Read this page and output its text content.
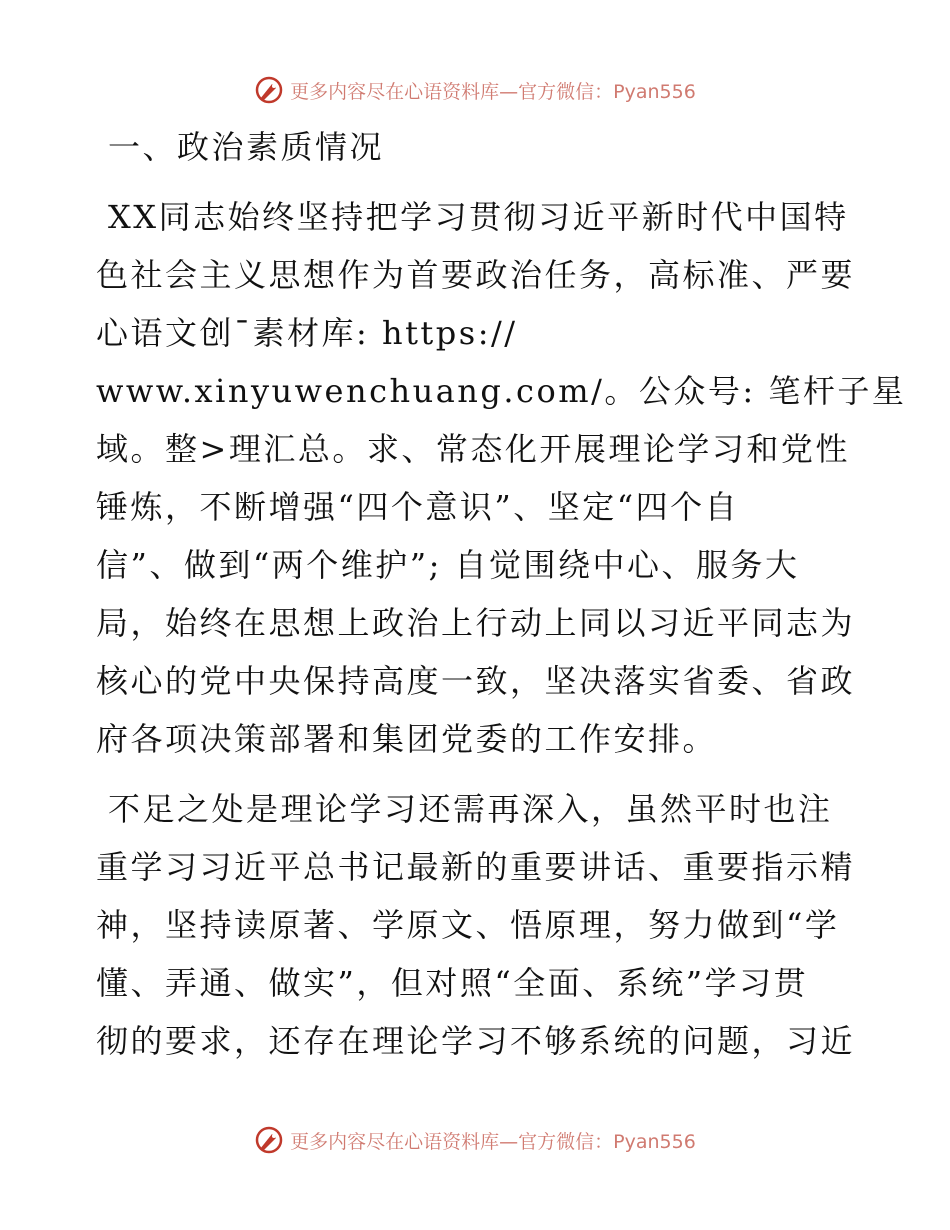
更多内容尽在心语资料库—官方微信：Pyan556
一、政治素质情况
XX同志始终坚持把学习贯彻习近平新时代中国特
色社会主义思想作为首要政治任务，高标准、严要
心语文创¯素材库: https://
www.xinyuwenchuang.com/。公众号: 笔杆子星
域。整>理汇总。求、常态化开展理论学习和党性
锤炼，不断增强“四个意识”、坚定“四个自
信”、做到“两个维护”; 自觉围绕中心、服务大
局，始终在思想上政治上行动上同以习近平同志为
核心的党中央保持高度一致，坚决落实省委、省政
府各项决策部署和集团党委的工作安排。
不足之处是理论学习还需再深入，虽然平时也注
重学习习近平总书记最新的重要讲话、重要指示精
神，坚持读原著、学原文、悟原理，努力做到“学
懂、弄通、做实”，但对照“全面、系统”学习贯
彻的要求，还存在理论学习不够系统的问题，习近
更多内容尽在心语资料库—官方微信：Pyan556
